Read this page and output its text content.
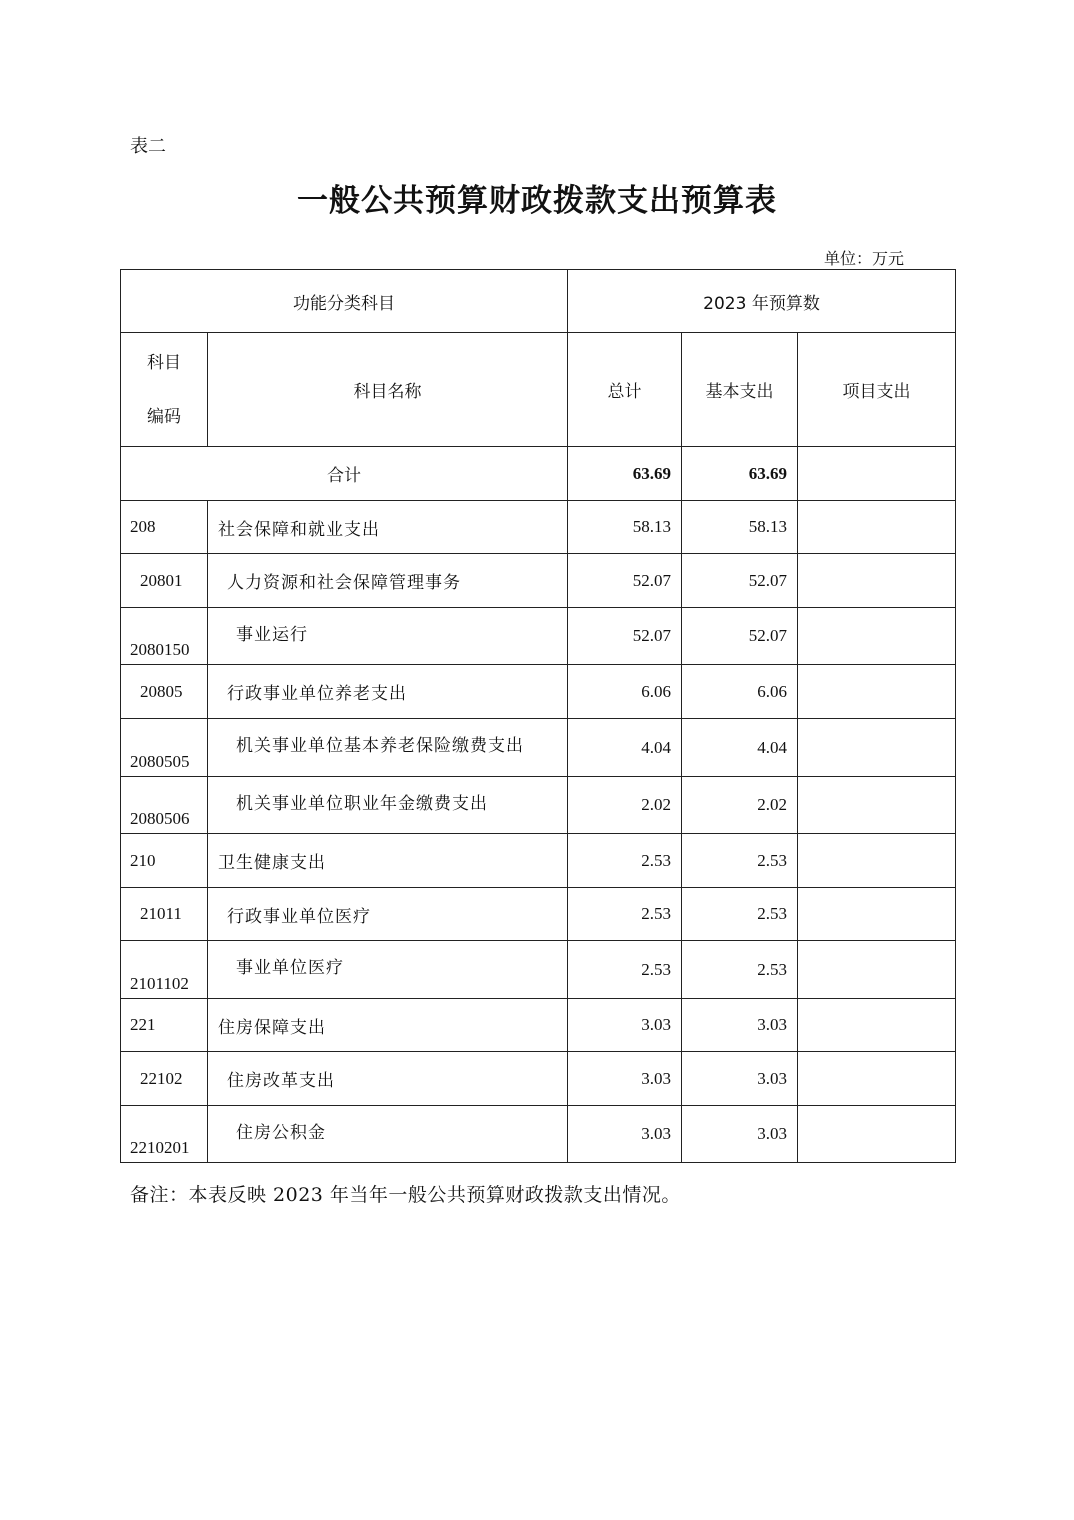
表二
一般公共预算财政拨款支出预算表
单位：万元
功能分类科目		2023 年预算数		

科目
编码	科目名称	总计	基本支出	项目支出
合计		63.69	63.69	
208	社会保障和就业支出	58.13	58.13	
20801	人力资源和社会保障管理事务	52.07	52.07	
2080150	事业运行	52.07	52.07	
20805	行政事业单位养老支出	6.06	6.06	
2080505	机关事业单位基本养老保险缴费支出	4.04	4.04	
2080506	机关事业单位职业年金缴费支出	2.02	2.02	
210	卫生健康支出	2.53	2.53	
21011	行政事业单位医疗	2.53	2.53	
2101102	事业单位医疗	2.53	2.53	
221	住房保障支出	3.03	3.03	
22102	住房改革支出	3.03	3.03	
2210201	住房公积金	3.03	3.03	
备注：本表反映 2023 年当年一般公共预算财政拨款支出情况。
